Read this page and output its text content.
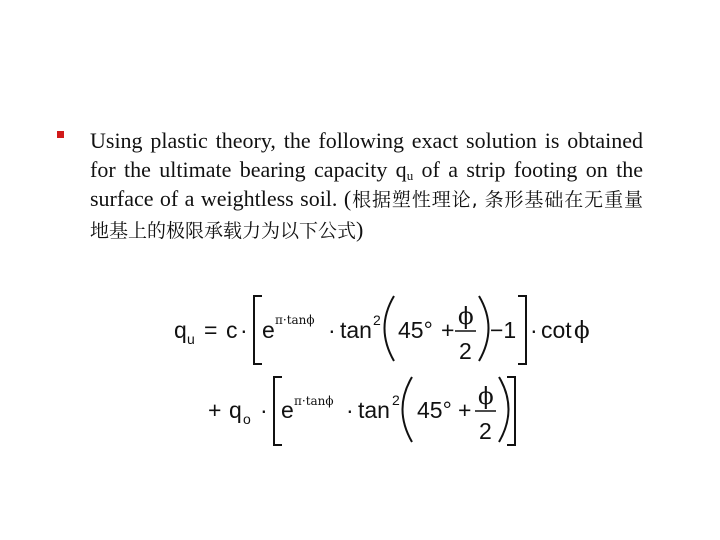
Using plastic theory, the following exact solution is obtained for the ultimate bearing capacity $q_u$ of a strip footing on the surface of a weightless soil. (根据塑性理论, 条形基础在无重量地基上的极限承载力为以下公式)

q u = c · e π·tanϕ · tan 2 45° + ϕ
2
−1 · cot ϕ
+ q o · e π·tanϕ · tan 2 45° + ϕ
2
